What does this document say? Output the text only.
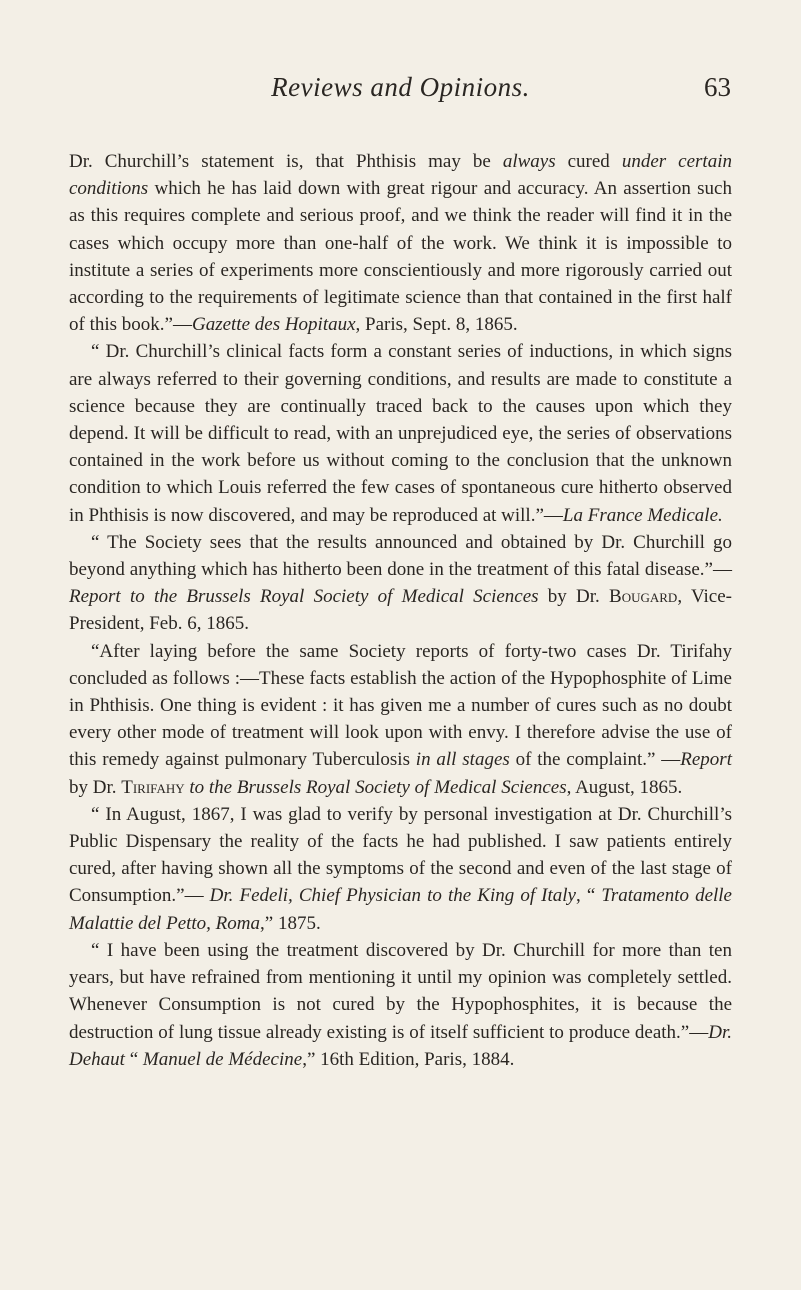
Reviews and Opinions.	63

Dr. Churchill’s statement is, that Phthisis may be always cured under certain conditions which he has laid down with great rigour and accuracy. An assertion such as this requires complete and serious proof, and we think the reader will find it in the cases which occupy more than one-half of the work. We think it is impossible to institute a series of experiments more conscientiously and more rigorously carried out according to the requirements of legitimate science than that contained in the first half of this book.”—Gazette des Hopitaux, Paris, Sept. 8, 1865.

“ Dr. Churchill’s clinical facts form a constant series of inductions, in which signs are always referred to their governing conditions, and results are made to constitute a science because they are continually traced back to the causes upon which they depend. It will be difficult to read, with an unprejudiced eye, the series of observations contained in the work before us without coming to the conclusion that the unknown condition to which Louis referred the few cases of spontaneous cure hitherto observed in Phthisis is now discovered, and may be reproduced at will.”—La France Medicale.

“ The Society sees that the results announced and obtained by Dr. Churchill go beyond anything which has hitherto been done in the treatment of this fatal disease.”—Report to the Brussels Royal Society of Medical Sciences by Dr. Bougard, Vice-President, Feb. 6, 1865.

“After laying before the same Society reports of forty-two cases Dr. Tirifahy concluded as follows :—These facts establish the action of the Hypophosphite of Lime in Phthisis. One thing is evident : it has given me a number of cures such as no doubt every other mode of treatment will look upon with envy. I therefore advise the use of this remedy against pulmonary Tuberculosis in all stages of the complaint.” —Report by Dr. Tirifahy to the Brussels Royal Society of Medical Sciences, August, 1865.

“ In August, 1867, I was glad to verify by personal investigation at Dr. Churchill’s Public Dispensary the reality of the facts he had published. I saw patients entirely cured, after having shown all the symptoms of the second and even of the last stage of Consumption.”— Dr. Fedeli, Chief Physician to the King of Italy, “ Tratamento delle Malattie del Petto, Roma,” 1875.

“ I have been using the treatment discovered by Dr. Churchill for more than ten years, but have refrained from mentioning it until my opinion was completely settled. Whenever Consumption is not cured by the Hypophosphites, it is because the destruction of lung tissue already existing is of itself sufficient to produce death.”—Dr. Dehaut “ Manuel de Médecine,” 16th Edition, Paris, 1884.
